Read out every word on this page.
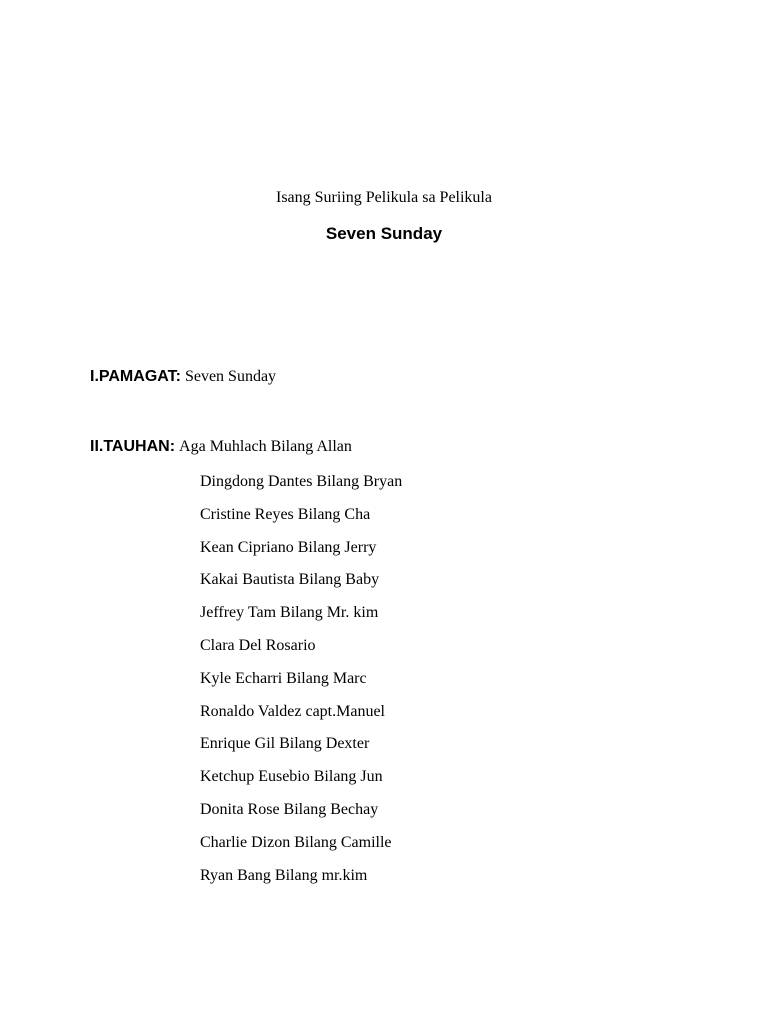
Isang Suriing Pelikula sa Pelikula
Seven Sunday
I.PAMAGAT: Seven Sunday
II.TAUHAN: Aga Muhlach Bilang Allan
Dingdong Dantes Bilang Bryan
Cristine Reyes Bilang Cha
Kean Cipriano Bilang Jerry
Kakai Bautista Bilang Baby
Jeffrey Tam Bilang Mr. kim
Clara Del Rosario
Kyle Echarri Bilang Marc
Ronaldo Valdez capt.Manuel
Enrique Gil Bilang Dexter
Ketchup Eusebio Bilang Jun
Donita Rose Bilang Bechay
Charlie Dizon Bilang Camille
Ryan Bang Bilang mr.kim
